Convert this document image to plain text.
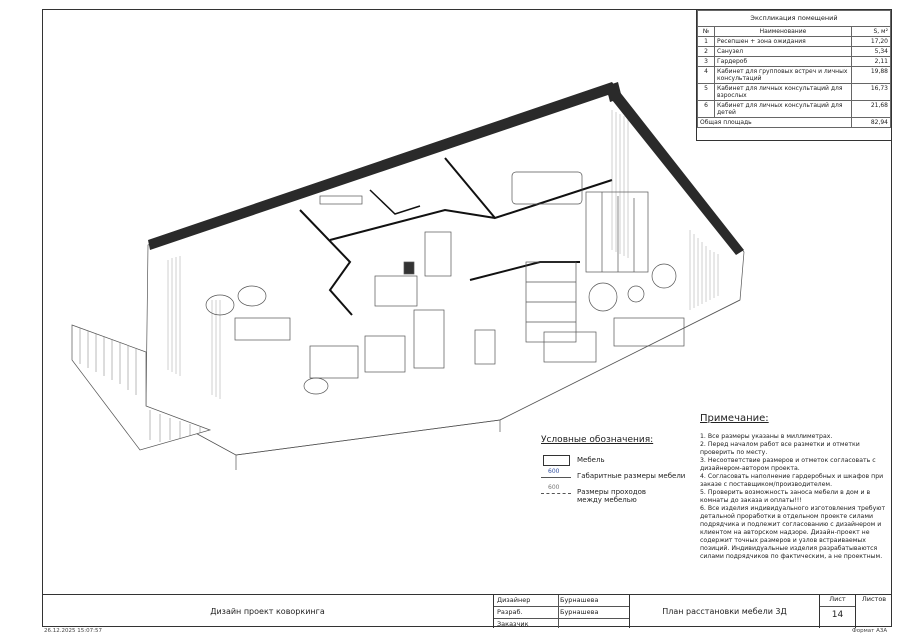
Экспликация помещений		
№	Наименование	S, м²
1	Ресепшен + зона ожидания	17,20
2	Санузел	5,34
3	Гардероб	2,11
4	Кабинет для групповых встреч и личных консультаций	19,88
5	Кабинет для личных консультаций для взрослых	16,73
6	Кабинет для личных консультаций для детей	21,68
Общая площадь		82,94
Условные обозначения:
Мебель
600
Габаритные размеры мебели
600
Размеры проходов между мебелью
Примечание:
1. Все размеры указаны в миллиметрах.
2. Перед началом работ все разметки и отметки проверить по месту.
3. Несоответствие размеров и отметок согласовать с дизайнером-автором проекта.
4. Согласовать наполнение гардеробных и шкафов при заказе с поставщиком/производителем.
5. Проверить возможность заноса мебели в дом и в комнаты до заказа и оплаты!!!
6. Все изделия индивидуального изготовления требуют детальной проработки в отдельном проекте силами подрядчика и подлежит согласованию с дизайнером и клиентом на авторском надзоре. Дизайн-проект не содержит точных размеров и узлов встраиваемых позиций. Индивидуальные изделия разрабатываются силами подрядчиков по фактическим, а не проектным.
Дизайн проект коворкинга
Дизайнер	Бурнашева
Разраб.	Бурнашева
Заказчик
План расстановки мебели 3Д
Лист
14
Листов
26.12.2025 15:07:57	Формат А3А
